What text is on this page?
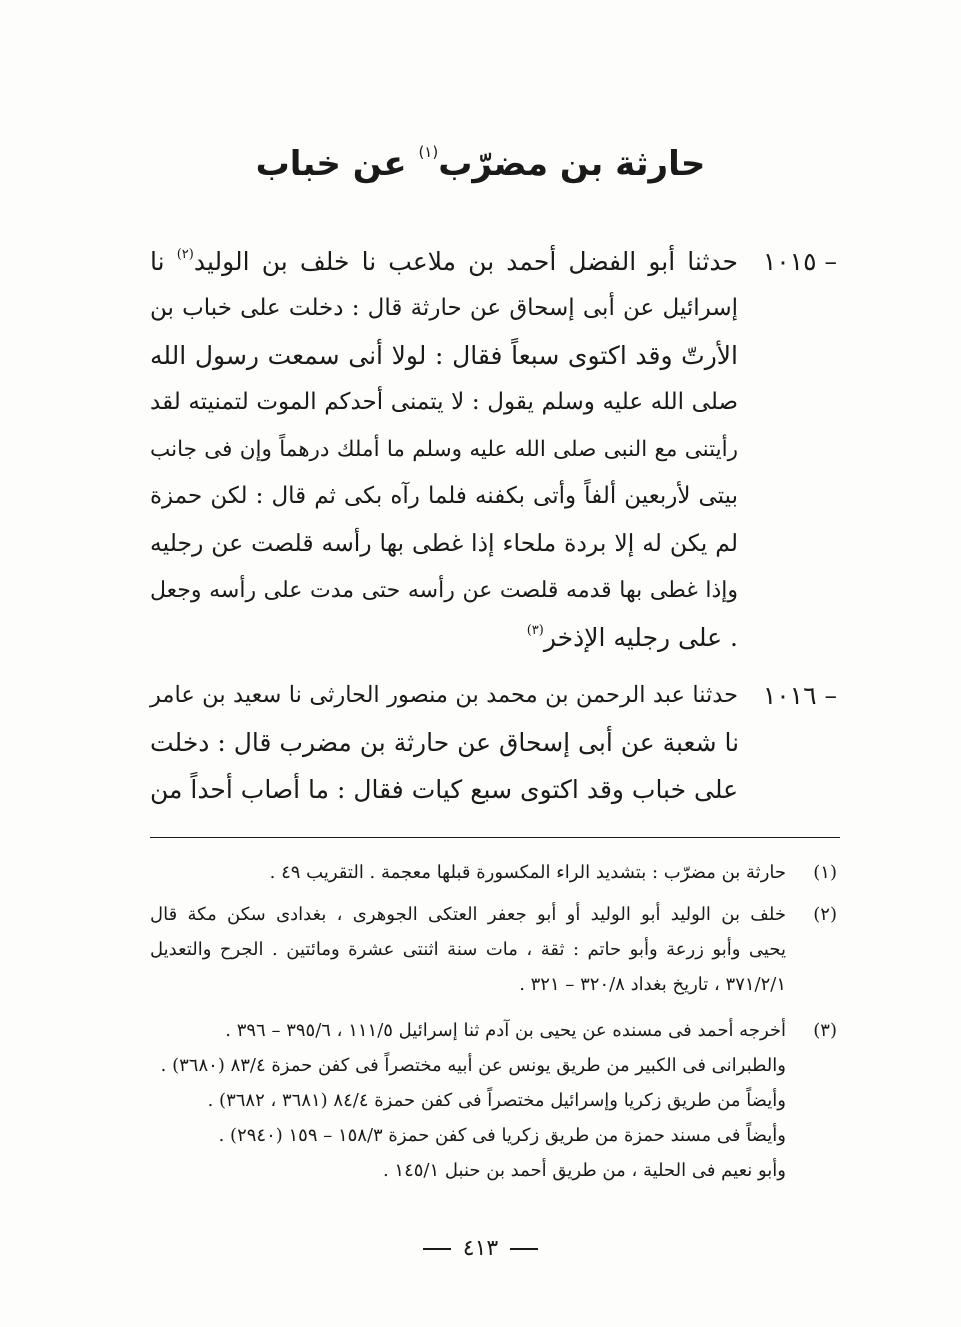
حارثة بن مضرّب$^{(١)}$ عن خباب
١٠١٥ –
حدثنا أبو الفضل أحمد بن ملاعب نا خلف بن الوليد$^{(٢)}$ نا
إسرائيل عن أبى إسحاق عن حارثة قال : دخلت على خباب بن
الأرتّ وقد اكتوى سبعاً فقال : لولا أنى سمعت رسول الله
صلى الله عليه وسلم يقول : لا يتمنى أحدكم الموت لتمنيته لقد
رأيتنى مع النبى صلى الله عليه وسلم ما أملك درهماً وإن فى جانب
بيتى لأربعين ألفاً وأتى بكفنه فلما رآه بكى ثم قال : لكن حمزة
لم يكن له إلا بردة ملحاء إذا غطى بها رأسه قلصت عن رجليه
وإذا غطى بها قدمه قلصت عن رأسه حتى مدت على رأسه وجعل
على رجليه الإذخر$^{(٣)}$	.
١٠١٦ –
حدثنا عبد الرحمن بن محمد بن منصور الحارثى نا سعيد بن عامر
نا شعبة عن أبى إسحاق عن حارثة بن مضرب قال : دخلت
على خباب وقد اكتوى سبع كيات فقال : ما أصاب أحداً من
(١)
حارثة بن مضرّب : بتشديد الراء المكسورة قبلها معجمة . التقريب ٤٩ .
(٢)
خلف بن الوليد أبو الوليد أو أبو جعفر العتكى الجوهرى ، بغدادى سكن مكة قال
يحيى وأبو زرعة وأبو حاتم : ثقة ، مات سنة اثنتى عشرة ومائتين . الجرح والتعديل
٣٧١/٢/١ ، تاريخ بغداد ٣٢٠/٨ – ٣٢١ .
(٣)
أخرجه أحمد فى مسنده عن يحيى بن آدم ثنا إسرائيل ١١١/٥ ، ٣٩٥/٦ – ٣٩٦ .
والطبرانى فى الكبير من طريق يونس عن أبيه مختصراً فى كفن حمزة ٨٣/٤ (٣٦٨٠) .
وأيضاً من طريق زكريا وإسرائيل مختصراً فى كفن حمزة ٨٤/٤ (٣٦٨١ ، ٣٦٨٢) .
وأيضاً فى مسند حمزة من طريق زكريا فى كفن حمزة ١٥٨/٣ – ١٥٩ (٢٩٤٠) .
وأبو نعيم فى الحلية ، من طريق أحمد بن حنبل ١٤٥/١ .
٤١٣
